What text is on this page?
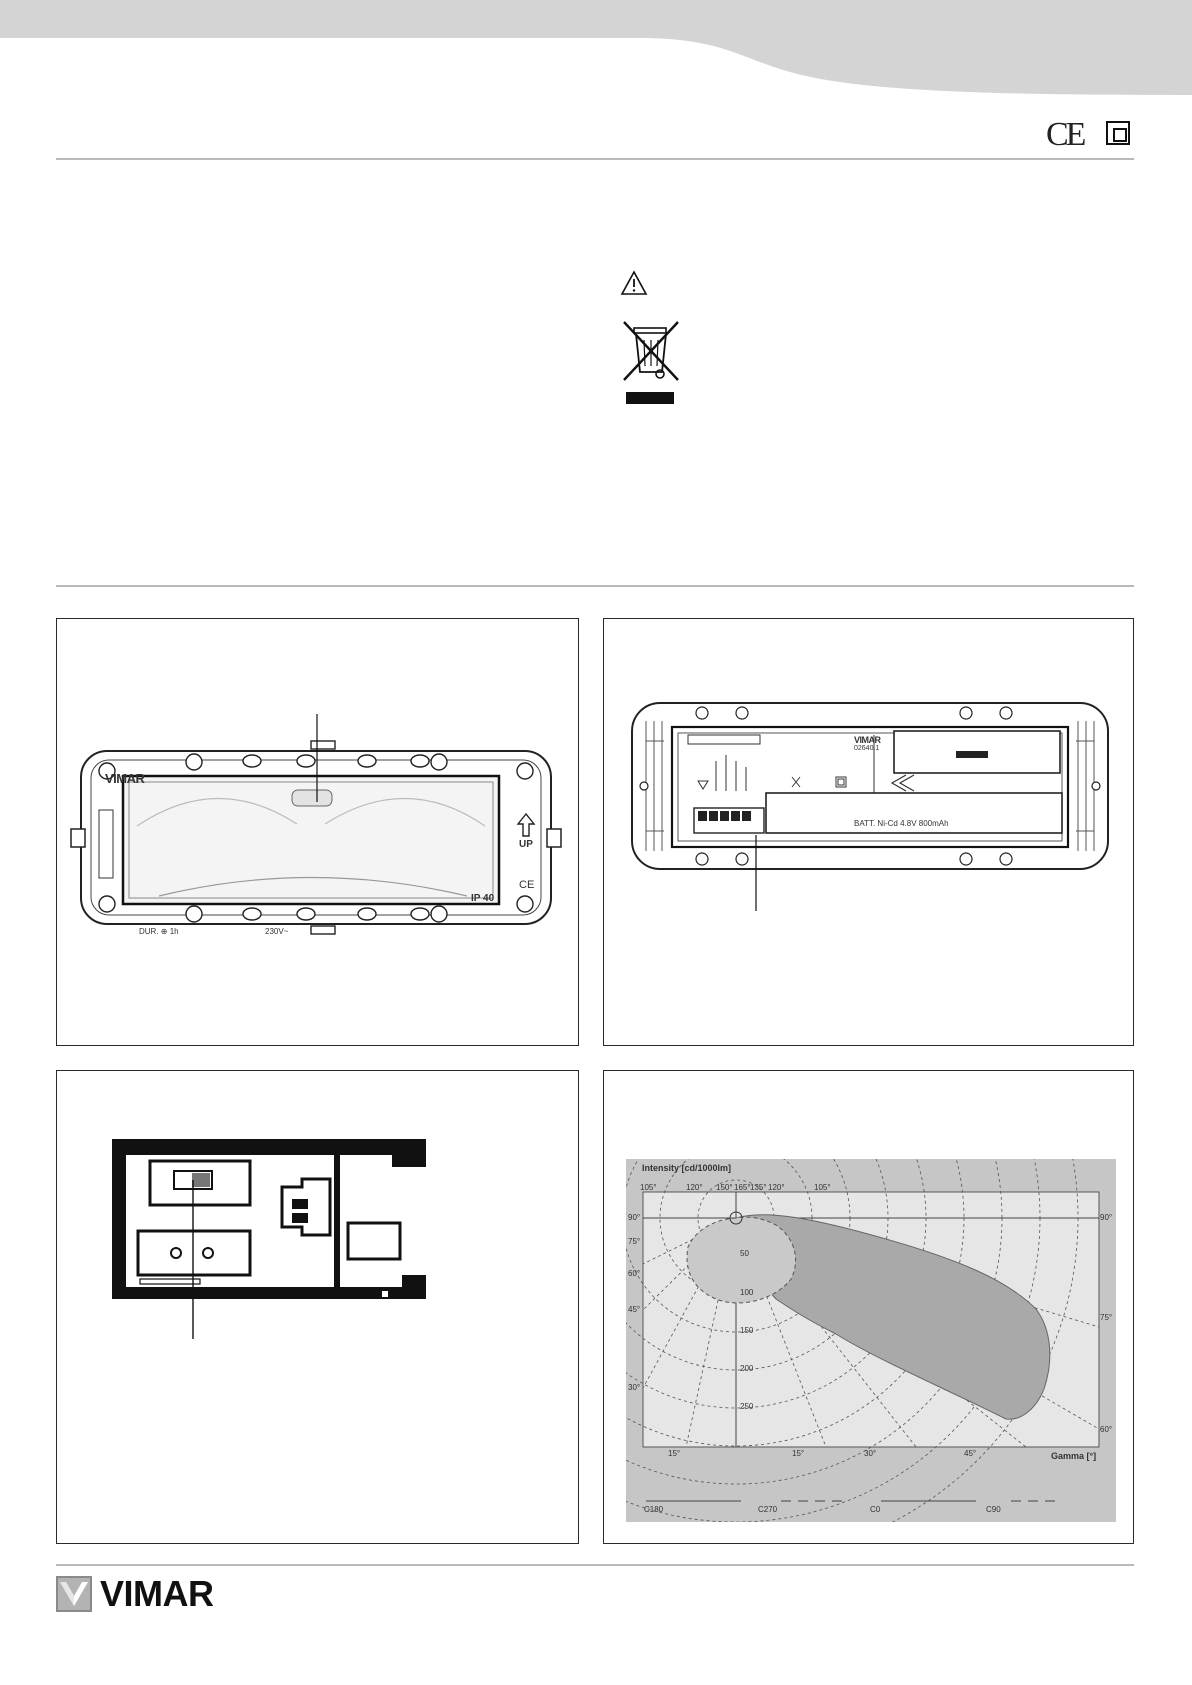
CE
VIMAR
DUR. ⊕ 1h	230V~
IP 40
UP
CE
VIMAR
02640.1
BATT. Ni-Cd 4.8V 800mAh
Intensity [cd/1000lm]
Gamma [°]
105°	120° 150° 165° 135° 120°	105°
90°
75°
60°
45°
30°
90°
75°
60°
15°	15°	30°	45°
50
100
150
200
250
C180	C270	C0	C90
VIMAR
